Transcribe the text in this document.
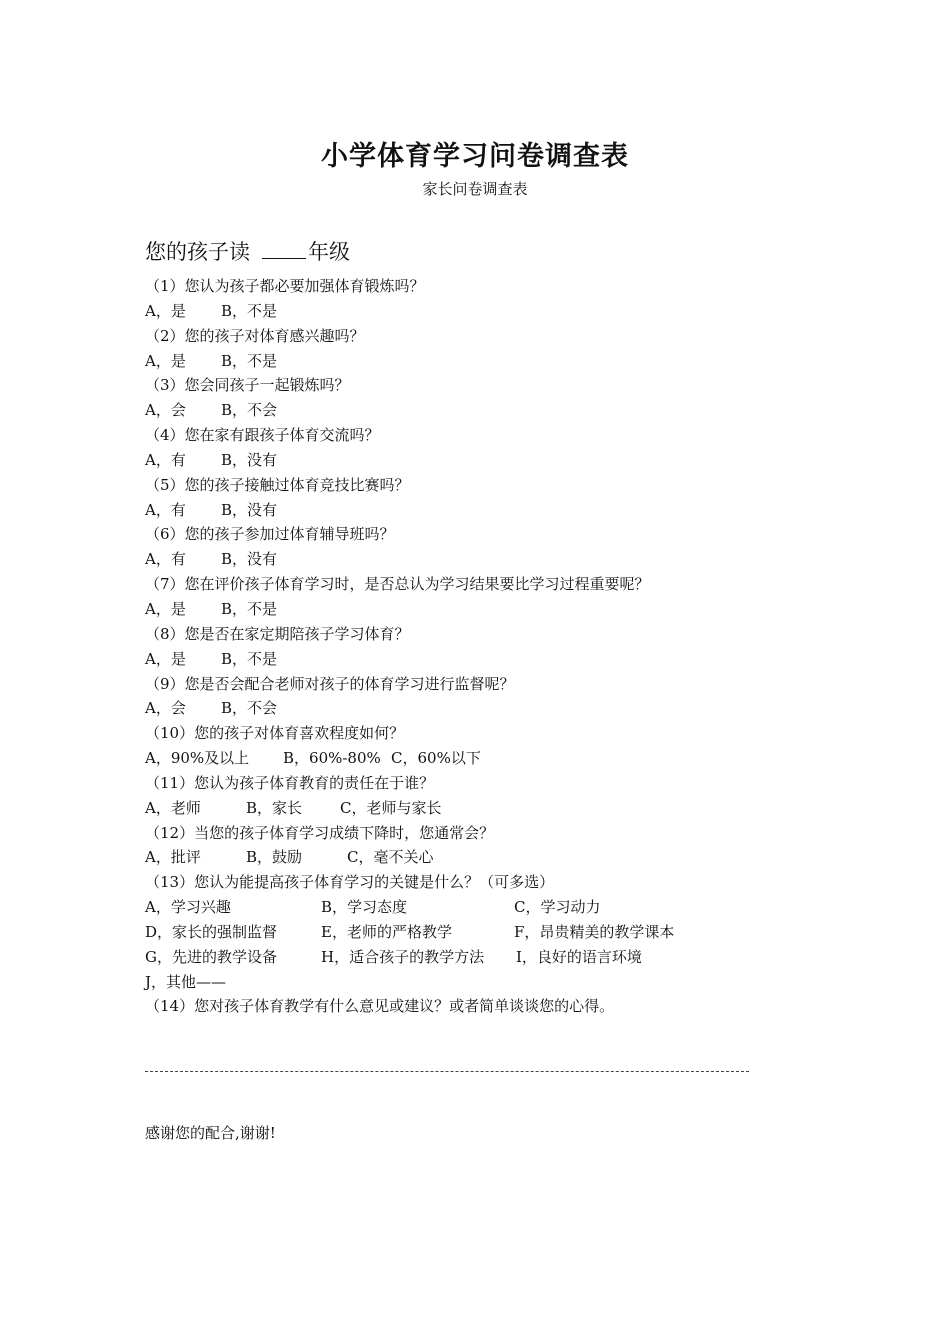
小学体育学习问卷调查表

家长问卷调查表

您的孩子读	年级

（1）您认为孩子都必要加强体育锻炼吗？
A，是 B，不是
（2）您的孩子对体育感兴趣吗？
A，是 B，不是
（3）您会同孩子一起锻炼吗？
A，会 B，不会
（4）您在家有跟孩子体育交流吗？
A，有 B，没有
（5）您的孩子接触过体育竞技比赛吗？
A，有 B，没有
（6）您的孩子参加过体育辅导班吗？
A，有 B，没有
（7）您在评价孩子体育学习时，是否总认为学习结果要比学习过程重要呢？
A，是 B，不是
（8）您是否在家定期陪孩子学习体育？
A，是 B，不是
（9）您是否会配合老师对孩子的体育学习进行监督呢？
A，会 B，不会
（10）您的孩子对体育喜欢程度如何？
A，90%及以上 B，60%-80% C，60%以下
（11）您认为孩子体育教育的责任在于谁？
A，老师	B，家长	C，老师与家长
（12）当您的孩子体育学习成绩下降时，您通常会？
A，批评	B，鼓励	C，毫不关心
（13）您认为能提高孩子体育学习的关键是什么？（可多选）
A，学习兴趣	B，学习态度	C，学习动力
D，家长的强制监督	E，老师的严格教学	F，昂贵精美的教学课本
G，先进的教学设备	H，适合孩子的教学方法 I，良好的语言环境
J，其他——
（14）您对孩子体育教学有什么意见或建议？或者简单谈谈您的心得。

感谢您的配合,谢谢!
